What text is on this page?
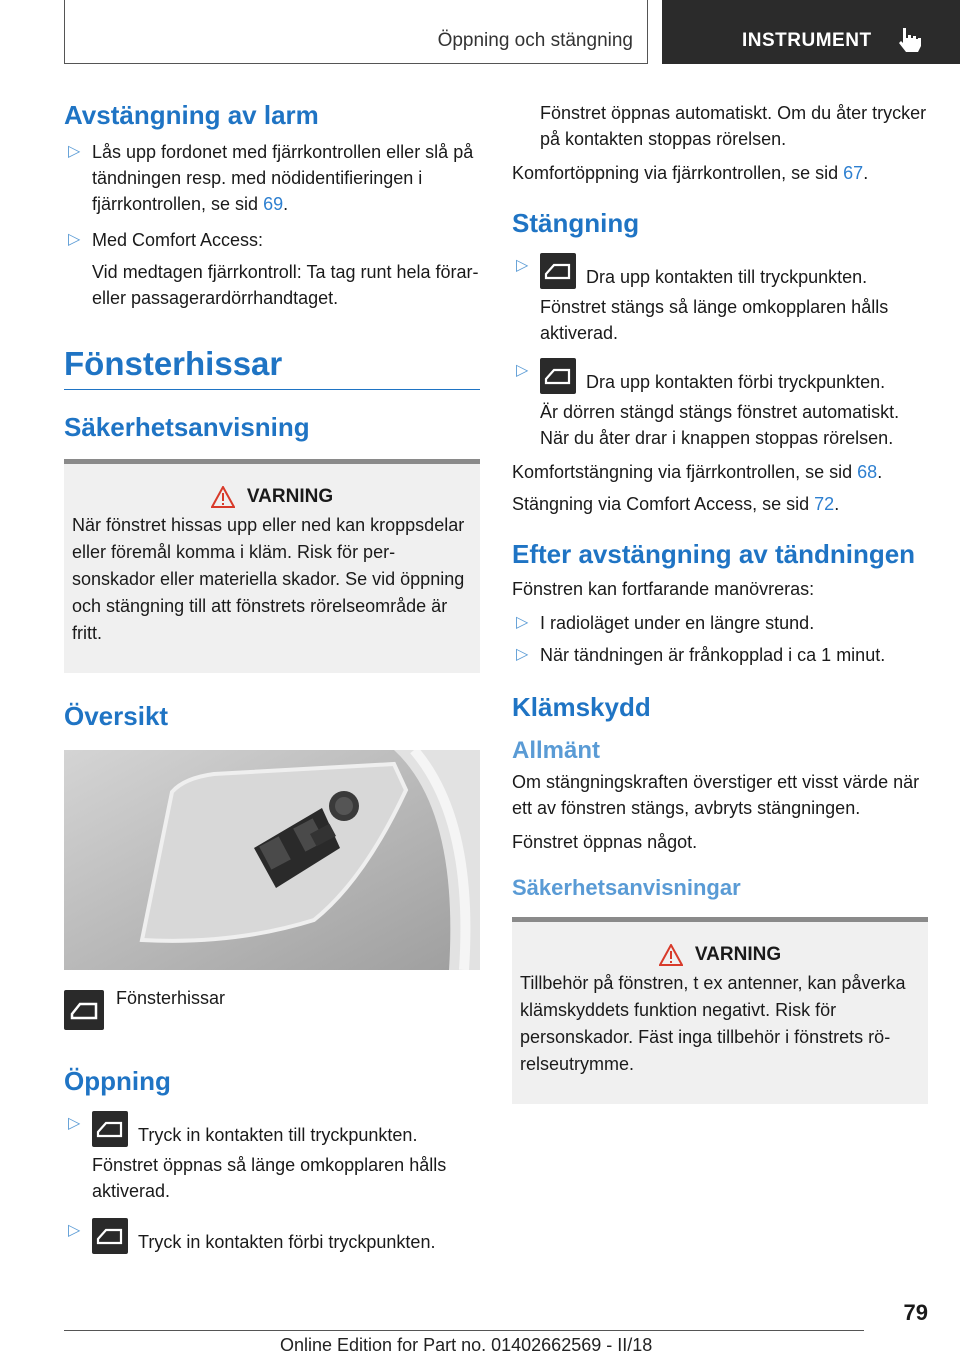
Öppning och stängning	INSTRUMENT
Avstängning av larm
▷ Lås upp fordonet med fjärrkontrollen eller slå på tändningen resp. med nödidentifieringen i fjärrkontrollen, se sid 69.
▷ Med Comfort Access:

Vid medtagen fjärrkontroll: Ta tag runt hela förar- eller passagerardörrhandtaget.

Fönsterhissar
Säkerhetsanvisning
VARNING

När fönstret hissas upp eller ned kan kroppsdelar eller föremål komma i kläm. Risk för personskador eller materiella skador. Se vid öppning och stängning till att fönstrets rörelseområde är fritt.

Översikt
Fönsterhissar
Öppning
▷
Tryck in kontakten till tryckpunkten.

Fönstret öppnas så länge omkopplaren hålls aktiverad.

▷
Tryck in kontakten förbi tryckpunkten.

Fönstret öppnas automatiskt. Om du åter trycker på kontakten stoppas rörelsen.

Komfortöppning via fjärrkontrollen, se sid 67.

Stängning
▷
Dra upp kontakten till tryckpunkten.

Fönstret stängs så länge omkopplaren hålls aktiverad.

▷
Dra upp kontakten förbi tryckpunkten.

Är dörren stängd stängs fönstret automatiskt. När du åter drar i knappen stoppas rörelsen.

Komfortstängning via fjärrkontrollen, se sid 68.

Stängning via Comfort Access, se sid 72.

Efter avstängning av tändningen

Fönstren kan fortfarande manövreras:

▷ I radioläget under en längre stund.
▷ När tändningen är frånkopplad i ca 1 minut.
Klämskydd
Allmänt

Om stängningskraften överstiger ett visst värde när ett av fönstren stängs, avbryts stängningen.

Fönstret öppnas något.

Säkerhetsanvisningar
VARNING

Tillbehör på fönstren, t ex antenner, kan påverka klämskyddets funktion negativt. Risk för personskador. Fäst inga tillbehör i fönstrets rörelseutrymme.

79
Online Edition for Part no. 01402662569 - II/18
